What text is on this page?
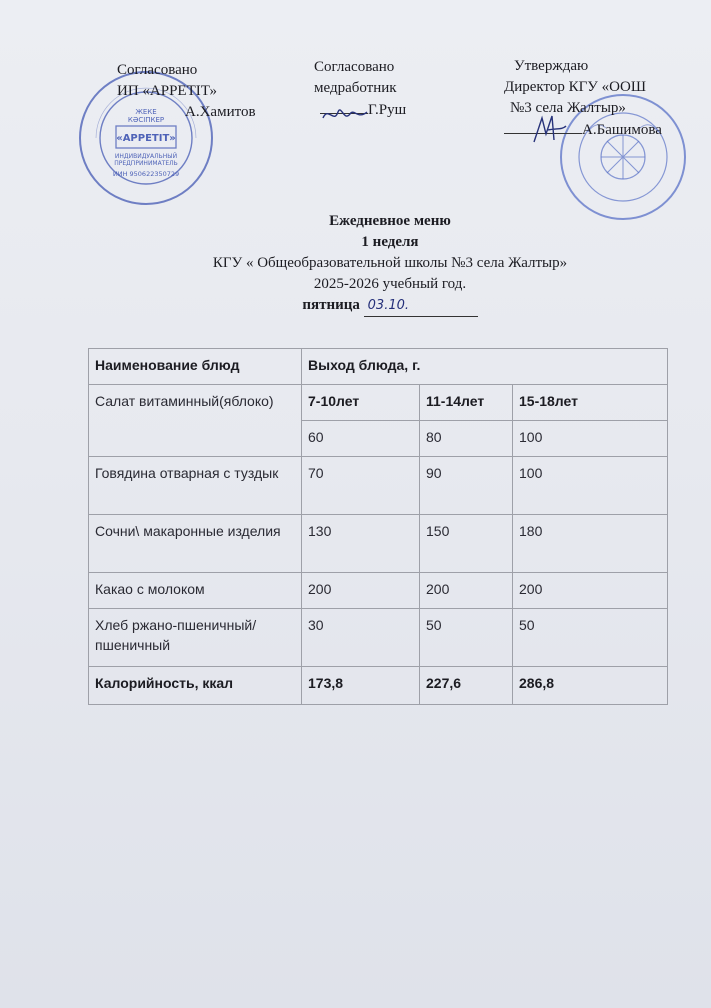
ЖЕКЕ
КӘСІПКЕР
«АРРЕТIТ»
ИНДИВИДУАЛЬНЫЙ
ПРЕДПРИНИМАТЕЛЬ
ИИН 950622350729
Согласовано
ИП «АРРЕТIТ»
А.Хамитов
Согласовано
медработник
Г.Руш
Утверждаю
Директор КГУ «ООШ
№3 села Жалтыр»
А.Башимова
Ежедневное меню
1 неделя
КГУ « Общеобразовательной школы №3 села Жалтыр»
2025-2026 учебный год.
пятница 03.10.
Наименование блюд	Выход блюда, г.		
Салат витаминный(яблоко)	7-10лет	11-14лет	15-18лет
	60	80	100
Говядина отварная с туздык	70	90	100
Сочни\ макаронные изделия	130	150	180
Какао с молоком	200	200	200
Хлеб ржано-пшеничный/ пшеничный	30	50	50
Калорийность, ккал	173,8	227,6	286,8
